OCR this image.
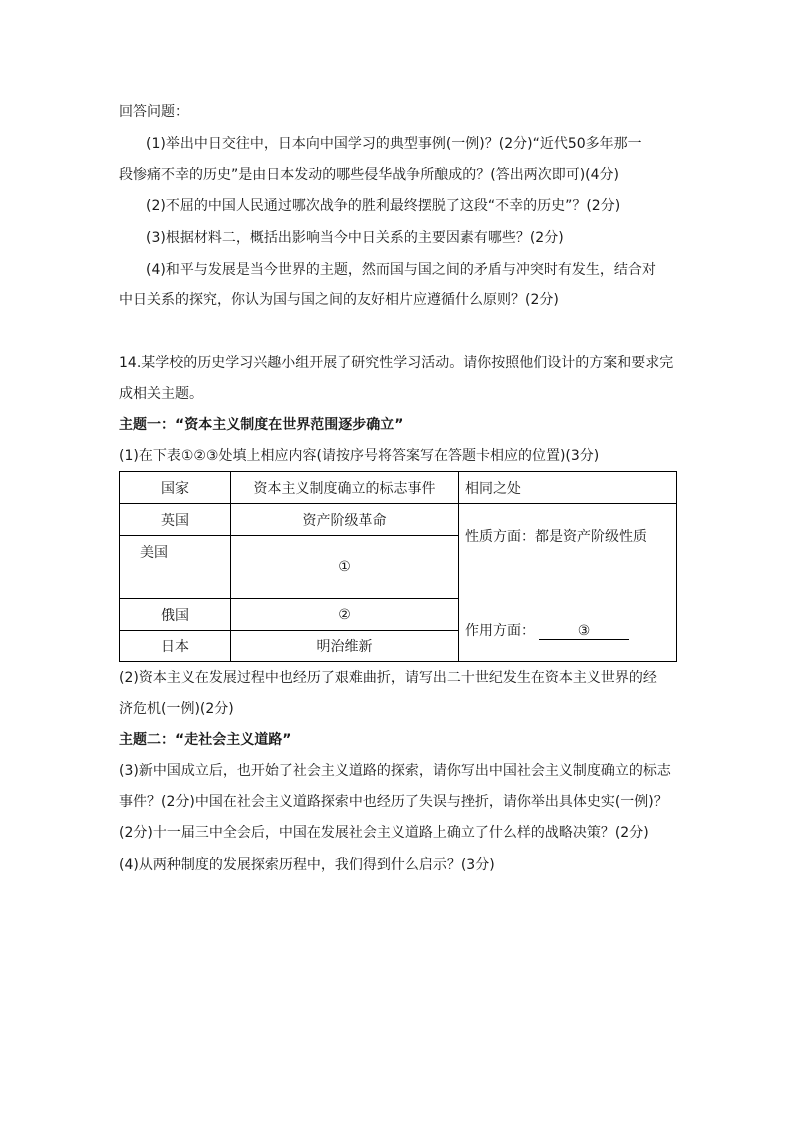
回答问题：
(1)举出中日交往中，日本向中国学习的典型事例(一例)？(2分)“近代50多年那一
段惨痛不幸的历史”是由日本发动的哪些侵华战争所酿成的？(答出两次即可)(4分)
(2)不屈的中国人民通过哪次战争的胜利最终摆脱了这段“不幸的历史”？(2分)
(3)根据材料二，概括出影响当今中日关系的主要因素有哪些？(2分)
(4)和平与发展是当今世界的主题，然而国与国之间的矛盾与冲突时有发生，结合对
中日关系的探究，你认为国与国之间的友好相片应遵循什么原则？(2分)
14.某学校的历史学习兴趣小组开展了研究性学习活动。请你按照他们设计的方案和要求完
成相关主题。
主题一：“资本主义制度在世界范围逐步确立”
(1)在下表①②③处填上相应内容(请按序号将答案写在答题卡相应的位置)(3分)
国家	资本主义制度确立的标志事件	相同之处
英国	资产阶级革命	性质方面：都是资产阶级性质
作用方面： ③

美国	①	
俄国	②	
日本	明治维新	
(2)资本主义在发展过程中也经历了艰难曲折，请写出二十世纪发生在资本主义世界的经
济危机(一例)(2分)
主题二：“走社会主义道路”
(3)新中国成立后，也开始了社会主义道路的探索，请你写出中国社会主义制度确立的标志
事件？(2分)中国在社会主义道路探索中也经历了失误与挫折，请你举出具体史实(一例)？
(2分)十一届三中全会后，中国在发展社会主义道路上确立了什么样的战略决策？(2分)
(4)从两种制度的发展探索历程中，我们得到什么启示？(3分)
